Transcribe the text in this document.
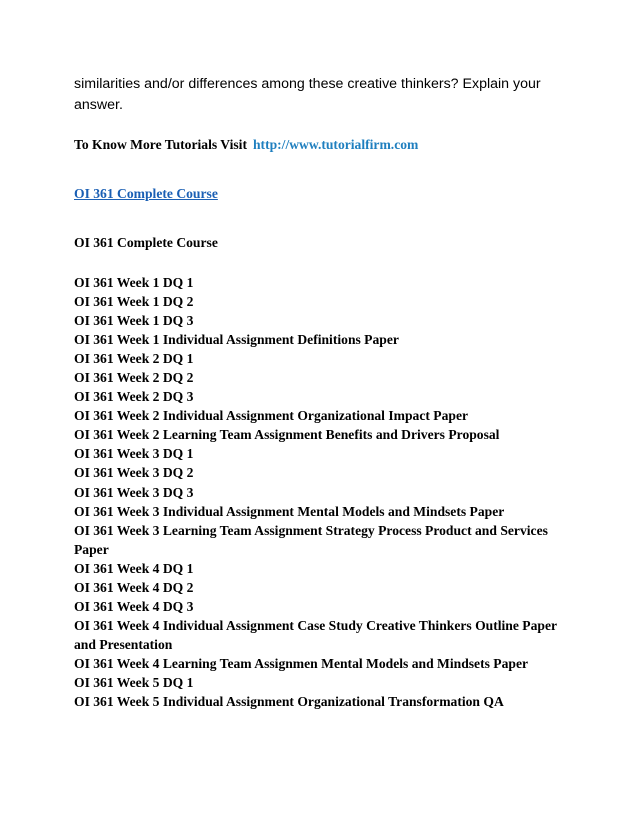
similarities and/or differences among these creative thinkers? Explain your answer.

To Know More Tutorials Visit http://www.tutorialfirm.com

OI 361 Complete Course

OI 361 Complete Course

OI 361 Week 1 DQ 1
OI 361 Week 1 DQ 2
OI 361 Week 1 DQ 3
OI 361 Week 1 Individual Assignment Definitions Paper
OI 361 Week 2 DQ 1
OI 361 Week 2 DQ 2
OI 361 Week 2 DQ 3
OI 361 Week 2 Individual Assignment Organizational Impact Paper
OI 361 Week 2 Learning Team Assignment Benefits and Drivers Proposal
OI 361 Week 3 DQ 1
OI 361 Week 3 DQ 2
OI 361 Week 3 DQ 3
OI 361 Week 3 Individual Assignment Mental Models and Mindsets Paper
OI 361 Week 3 Learning Team Assignment Strategy Process Product and Services Paper
OI 361 Week 4 DQ 1
OI 361 Week 4 DQ 2
OI 361 Week 4 DQ 3
OI 361 Week 4 Individual Assignment Case Study Creative Thinkers Outline Paper and Presentation
OI 361 Week 4 Learning Team Assignmen Mental Models and Mindsets Paper
OI 361 Week 5 DQ 1
OI 361 Week 5 Individual Assignment Organizational Transformation QA
